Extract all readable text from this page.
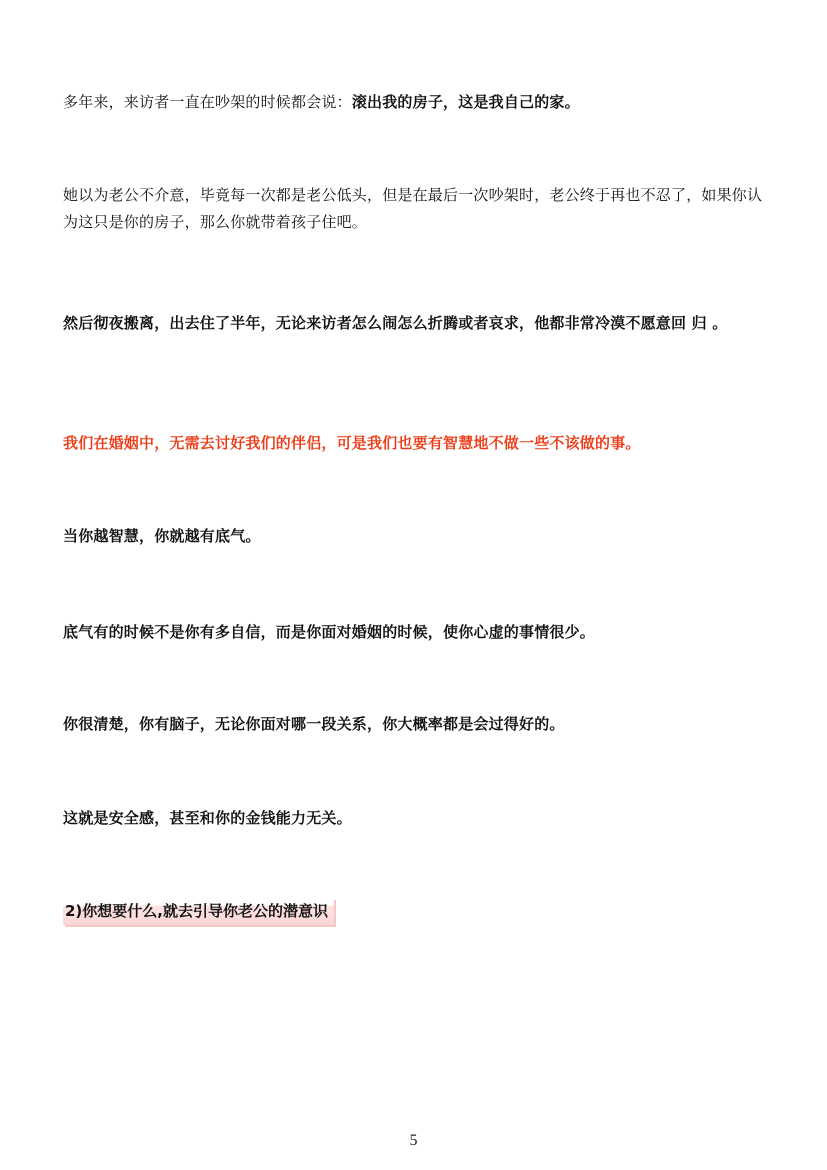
多年来，来访者一直在吵架的时候都会说：滚出我的房子，这是我自己的家。

她以为老公不介意，毕竟每一次都是老公低头，但是在最后一次吵架时，老公终于再也不忍了，如果你认为这只是你的房子，那么你就带着孩子住吧。

然后彻夜搬离，出去住了半年，无论来访者怎么闹怎么折腾或者哀求，他都非常冷漠不愿意回 归 。

我们在婚姻中，无需去讨好我们的伴侣，可是我们也要有智慧地不做一些不该做的事。

当你越智慧，你就越有底气。

底气有的时候不是你有多自信，而是你面对婚姻的时候，使你心虚的事情很少。

你很清楚，你有脑子，无论你面对哪一段关系，你大概率都是会过得好的。

这就是安全感，甚至和你的金钱能力无关。

2)你想要什么,就去引导你老公的潜意识
5
